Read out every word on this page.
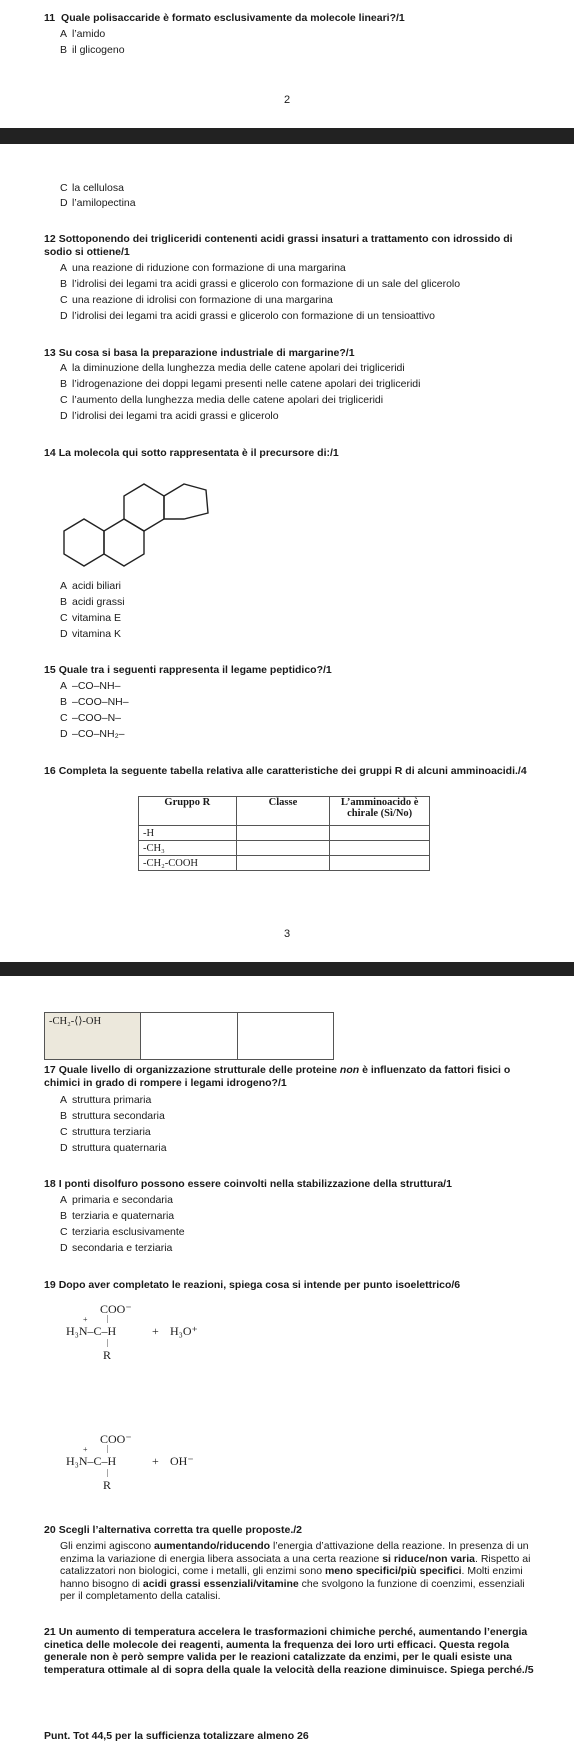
11 Quale polisaccaride è formato esclusivamente da molecole lineari?/1
A l’amido
B il glicogeno
2
C la cellulosa
D l’amilopectina
12 Sottoponendo dei trigliceridi contenenti acidi grassi insaturi a trattamento con idrossido di sodio si ottiene/1
A una reazione di riduzione con formazione di una margarina
B l’idrolisi dei legami tra acidi grassi e glicerolo con formazione di un sale del glicerolo
C una reazione di idrolisi con formazione di una margarina
D l’idrolisi dei legami tra acidi grassi e glicerolo con formazione di un tensioattivo
13 Su cosa si basa la preparazione industriale di margarine?/1
A la diminuzione della lunghezza media delle catene apolari dei trigliceridi
B l’idrogenazione dei doppi legami presenti nelle catene apolari dei trigliceridi
C l’aumento della lunghezza media delle catene apolari dei trigliceridi
D l’idrolisi dei legami tra acidi grassi e glicerolo
14 La molecola qui sotto rappresentata è il precursore di:/1
A acidi biliari
B acidi grassi
C vitamina E
D vitamina K
15 Quale tra i seguenti rappresenta il legame peptidico?/1
A –CO–NH–
B –COO–NH–
C –COO–N–
D –CO–NH₂–
16 Completa la seguente tabella relativa alle caratteristiche dei gruppi R di alcuni amminoacidi./4
Gruppo R	Classe	L’amminoacido è chirale (Sì/No)
-H		
-CH₃		
-CH₂-COOH		
3
-CH₂-⟨⟩-OH		
17 Quale livello di organizzazione strutturale delle proteine non è influenzato da fattori fisici o chimici in grado di rompere i legami idrogeno?/1
A struttura primaria
B struttura secondaria
C struttura terziaria
D struttura quaternaria
18 I ponti disolfuro possono essere coinvolti nella stabilizzazione della struttura/1
A primaria e secondaria
B terziaria e quaternaria
C terziaria esclusivamente
D secondaria e terziaria
19 Dopo aver completato le reazioni, spiega cosa si intende per punto isoelettrico/6
COO⁻
|
+
H₃N–C–H
|
R
+ H₃O⁺
COO⁻
|
+
H₃N–C–H
|
R
+ OH⁻
20 Scegli l’alternativa corretta tra quelle proposte./2
Gli enzimi agiscono aumentando/riducendo l’energia d’attivazione della reazione. In presenza di un enzima la variazione di energia libera associata a una certa reazione si riduce/non varia. Rispetto ai catalizzatori non biologici, come i metalli, gli enzimi sono meno specifici/più specifici. Molti enzimi hanno bisogno di acidi grassi essenziali/vitamine che svolgono la funzione di coenzimi, essenziali per il completamento della catalisi.
21 Un aumento di temperatura accelera le trasformazioni chimiche perché, aumentando l’energia cinetica delle molecole dei reagenti, aumenta la frequenza dei loro urti efficaci. Questa regola generale non è però sempre valida per le reazioni catalizzate da enzimi, per le quali esiste una temperatura ottimale al di sopra della quale la velocità della reazione diminuisce. Spiega perché./5
Punt. Tot 44,5 per la sufficienza totalizzare almeno 26
